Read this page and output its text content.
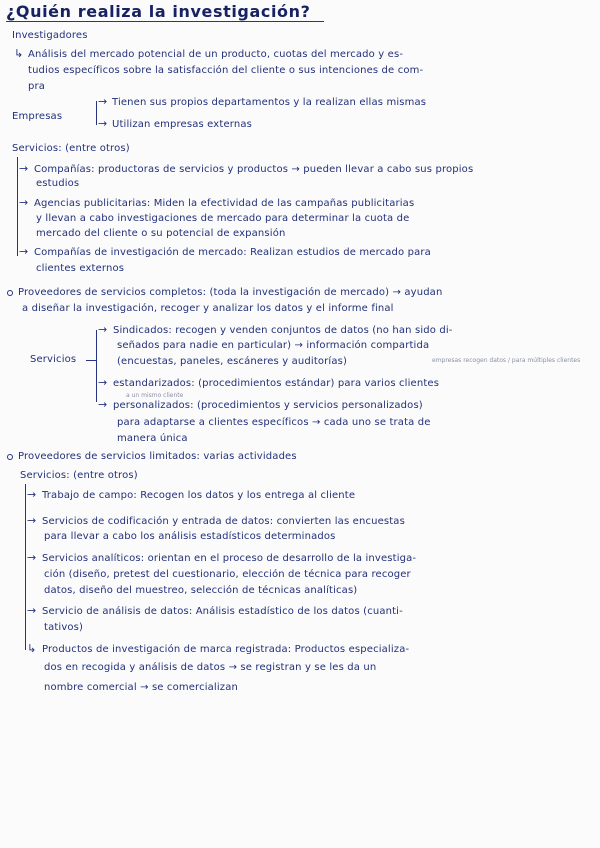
¿Quién realiza la investigación?
Investigadores
↳ Análisis del mercado potencial de un producto, cuotas del mercado y es-
tudios específicos sobre la satisfacción del cliente o sus intenciones de com-
pra
Empresas
→
→
Tienen sus propios departamentos y la realizan ellas mismas
Utilizan empresas externas
Servicios: (entre otros)
→ Compañías: productoras de servicios y productos → pueden llevar a cabo sus propios
estudios
→ Agencias publicitarias: Miden la efectividad de las campañas publicitarias
y llevan a cabo investigaciones de mercado para determinar la cuota de
mercado del cliente o su potencial de expansión
→ Compañías de investigación de mercado: Realizan estudios de mercado para
clientes externos
Proveedores de servicios completos: (toda la investigación de mercado) → ayudan
a diseñar la investigación, recoger y analizar los datos y el informe final
Servicios
→ Sindicados: recogen y venden conjuntos de datos (no han sido di-
señados para nadie en particular) → información compartida
(encuestas, paneles, escáneres y auditorías)	empresas recogen datos / para múltiples clientes
→ estandarizados: (procedimientos estándar) para varios clientes
a un mismo cliente
→ personalizados: (procedimientos y servicios personalizados)
para adaptarse a clientes específicos → cada uno se trata de
manera única
Proveedores de servicios limitados: varias actividades
Servicios: (entre otros)
→ Trabajo de campo: Recogen los datos y los entrega al cliente
→ Servicios de codificación y entrada de datos: convierten las encuestas
para llevar a cabo los análisis estadísticos determinados
→ Servicios analíticos: orientan en el proceso de desarrollo de la investiga-
ción (diseño, pretest del cuestionario, elección de técnica para recoger
datos, diseño del muestreo, selección de técnicas analíticas)
→ Servicio de análisis de datos: Análisis estadístico de los datos (cuanti-
tativos)
↳ Productos de investigación de marca registrada: Productos especializa-
dos en recogida y análisis de datos → se registran y se les da un
nombre comercial → se comercializan
